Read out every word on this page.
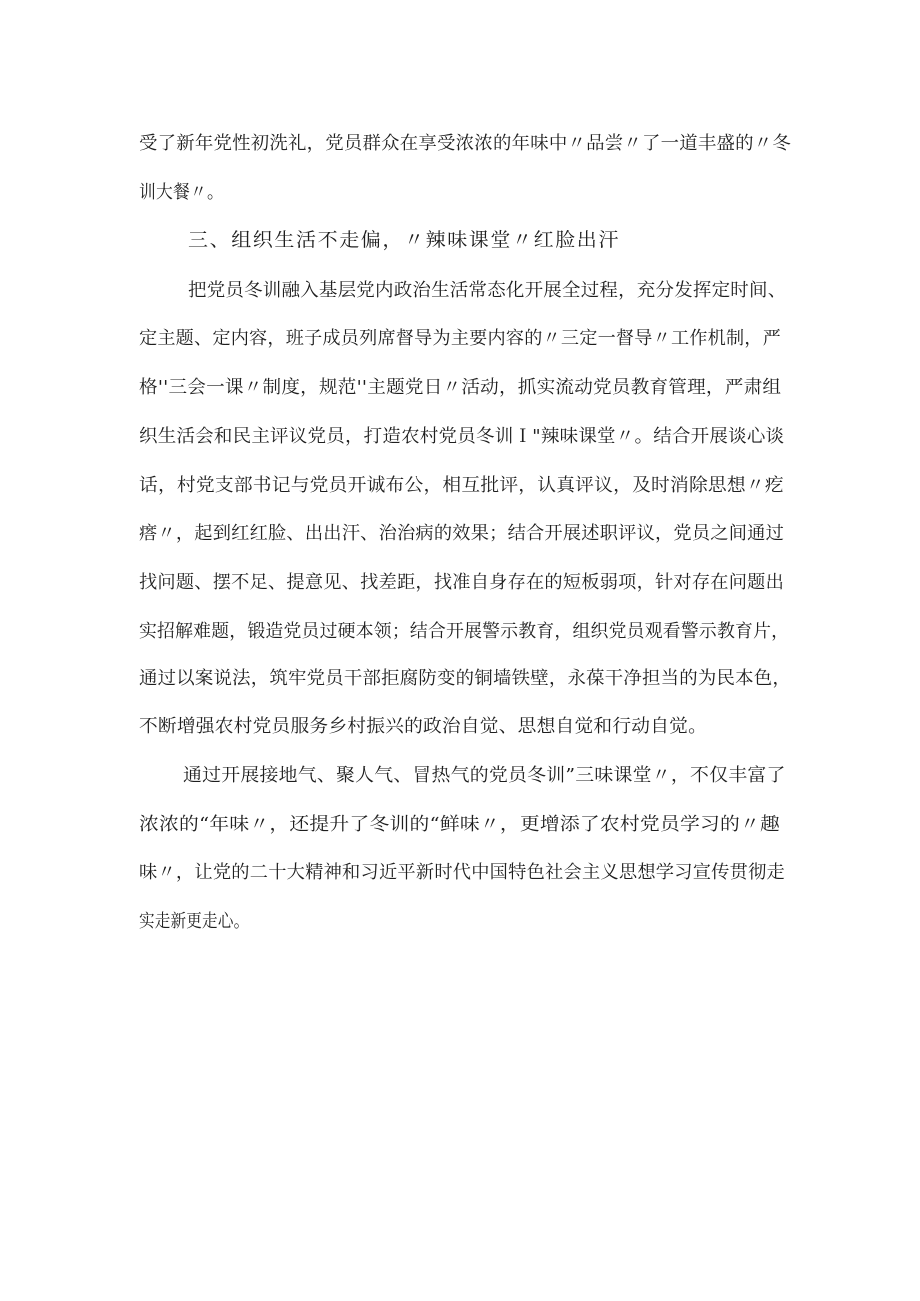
受了新年党性初洗礼，党员群众在享受浓浓的年味中〃品尝〃了一道丰盛的〃冬
训大餐〃。
三、组织生活不走偏，〃辣味课堂〃红脸出汗
把党员冬训融入基层党内政治生活常态化开展全过程，充分发挥定时间、
定主题、定内容，班子成员列席督导为主要内容的〃三定一督导〃工作机制，严
格''三会一课〃制度，规范''主题党日〃活动，抓实流动党员教育管理，严肃组
织生活会和民主评议党员，打造农村党员冬训Ｉ"辣味课堂〃。结合开展谈心谈
话，村党支部书记与党员开诚布公，相互批评，认真评议，及时消除思想〃疙
瘩〃，起到红红脸、出出汗、治治病的效果；结合开展述职评议，党员之间通过
找问题、摆不足、提意见、找差距，找准自身存在的短板弱项，针对存在问题出
实招解难题，锻造党员过硬本领；结合开展警示教育，组织党员观看警示教育片，
通过以案说法，筑牢党员干部拒腐防变的铜墙铁壁，永葆干净担当的为民本色，
不断增强农村党员服务乡村振兴的政治自觉、思想自觉和行动自觉。
通过开展接地气、聚人气、冒热气的党员冬训”三味课堂〃，不仅丰富了
浓浓的“年味〃，还提升了冬训的“鲜味〃，更增添了农村党员学习的〃趣
味〃，让党的二十大精神和习近平新时代中国特色社会主义思想学习宣传贯彻走
实走新更走心。
